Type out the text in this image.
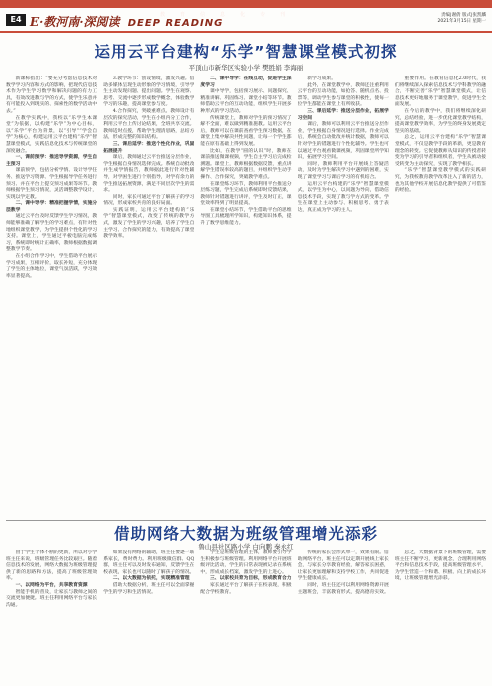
教	育	信	息	化	专	刊
E4 E·教河南·深阅读 DEEP READING
责编|谢倩 版式|张凯麟
2021年3月15日 星期一
运用云平台建构“乐学”智慧课堂模式初探
平顶山市新华区实验小学 樊胜娟 李海丽

新课标指出：“要充分考虑信息技术对数学学习内容和方式的影响，把现代信息技术作为学生学习数学和解决问题的有力工具，有效改进教与学的方式，使学生乐意并有可能投入到现实的、探索性的数学活动中去。”

在教学实践中，我校以“乐学生本课堂”为依据，以构建“乐学”为中心目标，以“乐学”平台为背景，以“引导”“学会自学”为核心，构建运用云平台建构“乐学”智慧课堂模式，实践信息化技术与传统课堂的深度融合。

一、课前预学：推送导学资源，学生自主预习

课前预学，包括分析学情、设计导学任务、推送学习资源、学生根据导学任务进行预习、并在平台上提交预习成果等环节。教师根据学生预习情况，灵活调整教学设计，实现以学定教。

二、课中导学：精准把握学情，实施分层教学

通过云平台及时反馈学生学习情况，教师能够准确了解学生的学习难点，有针对性地组织课堂教学，为学生提供个性化的学习支持。课堂上，学生通过平板电脑完成练习，系统即时统计正确率，教师根据数据调整教学节奏。

在小组合作学习中，学生借助平台展示学习成果，互相评价，取长补短，充分体现了学生的主体地位，课堂气氛活跃，学习效率显著提高。

3.教学环节：创设情境，激发兴趣。借助多媒体呈现生动形象的学习情境，引导学生主动发现问题、提出问题。学生在观察、思考、交流中逐步形成数学概念，体验数学学习的乐趣，提高课堂参与度。

4.合作探究，突破重难点。教师设计有层次的探究活动，学生在小组内分工合作，利用云平台上传讨论结果，全班共享交流。教师适时点拨，帮助学生理清思路，总结方法，形成完整的知识结构。

三、课后延学：推送个性化作业，巩固拓展提升

课后，教师通过云平台推送分层作业，学生根据自身情况选择完成。系统自动批改并生成学情报告，教师据此进行针对性辅导，对学困生进行个别指导，对学有余力的学生推送拓展资源，满足不同层次学生的需求。

同时，家长可通过平台了解孩子的学习情况，形成家校共育的良好局面。

实践证明，运用云平台建构的“乐学”智慧课堂模式，改变了传统的教学方式，激发了学生的学习兴趣，培养了学生自主学习、合作探究的能力，有效提高了课堂教学效率。

二、课中导学：在线互动，促进学生深度学习

课中导学，包括预习展示、问题探究、精准讲解、巩固练习、课堂小结等环节。教师借助云平台的互动功能，组织学生开展多种形式的学习活动。

传统课堂上，教师对学生的预习情况了解不全面，难以做到精准施教。运用云平台后，教师可以在课前查看学生预习数据，在课堂上集中解决共性问题，让每一个学生都能在原有基础上得到发展。

比如，在教学“圆的认识”时，教师在课前推送微课视频，学生自主学习后完成检测题。课堂上，教师根据数据反馈，重点讲解学生错误率较高的题目，并组织学生动手操作、合作探究，突破教学难点。

在课堂练习环节，教师利用平台推送分层练习题，学生完成后系统即时反馈结果，教师针对错题进行讲评，学生及时订正，课堂效率得到了明显提高。

在课堂小结环节，学生借助平台的思维导图工具梳理所学知识，构建知识体系，提升了数学思维能力。

新学习成果。

此外，在课堂教学中，教师还注重利用云平台的互动功能，如抢答、随机点名、投票等，调动学生参与课堂的积极性，使每一位学生都能在课堂上有所收获。

三、课后延学：推送分层作业，拓展学习空间

课后，教师可以利用云平台推送分层作业，学生根据自身情况进行选择。作业完成后，系统会自动批改并统计数据，教师可以针对学生的错题进行个性化辅导。学生也可以通过平台观看微课视频，巩固课堂所学知识，拓展学习空间。

同时，教师利用平台开展线上答疑活动，及时为学生解决学习中遇到的困难，实现了课堂学习与课后学习的有机结合。

运用云平台构建的“乐学”智慧课堂模式，以学生为中心，以问题为导向，借助信息技术手段，实现了教与学方式的变革。学生在课堂上主动参与、积极思考、勇于表达，真正成为学习的主人。

重要作用。在教育信息化2.0时代，我们将继续深入探索信息技术与学科教学的融合，不断完善“乐学”智慧课堂模式，让信息技术更好地服务于课堂教学，促进学生全面发展。

在今后的教学中，我们将继续深化研究，总结经验，进一步优化课堂教学结构，提高课堂教学效率，为学生的终身发展奠定坚实的基础。

总之，运用云平台建构“乐学”智慧课堂模式，不仅是教学手段的革新，更是教育理念的转变。它促使教师从知识的传授者转变为学习的引导者和组织者，学生从被动接受转变为主动探究，实现了教学相长。

“乐学”智慧课堂教学模式的实践研究，为我校教育教学改革注入了新的活力，也为其他学校开展信息化教学提供了可借鉴的经验。

借助网络大数据为班级管理增光添彩
鲁山县社区路小学 白向鹏 秦永红

由于学生个体不断的更新，所以对小学班主任来说，班级管理任务比较艰巨。随着信息技术的发展，网络大数据为班级管理提供了新的思路和方法，提高了班级管理效率。

一、以网络为平台，共享教育资源

智能手机的普及，让家长与教师之间的交流更加便捷。班主任利用网络平台与家长沟通。

如果没有网络的辅助，班主任要逐一联系家长，费时费力。利用班级微信群、QQ群，班主任可以及时发布通知，反馈学生在校表现，家长也可以随时了解孩子的情况。

二、以大数据为依托，实现精准管理

借助大数据分析，班主任可以全面掌握学生的学习和生活情况。

学生是班级管理的主体，教师要引导学生积极参与班级管理。利用网络平台开展班级评比活动，学生的日常表现被记录在系统中，形成成长档案，激发学生的上进心。

三、以家校共育为目标，形成教育合力

家长通过平台了解孩子在校表现，积极配合学校教育。

传统的家长会形式单一，效果有限。借助网络平台，班主任可以定期开展线上家长会，与家长分享教育经验，解答家长困惑，让家长更加理解和支持学校工作，共同促进学生健康成长。

同时，班主任还可以利用网络资源开展主题班会，丰富教育形式，提高德育实效。

总之，大数据背景下的班级管理，需要班主任不断学习，更新观念，合理利用网络平台和信息技术手段，提高班级管理水平，为学生营造一个和谐、积极、向上的成长环境，让班级管理增光添彩。
